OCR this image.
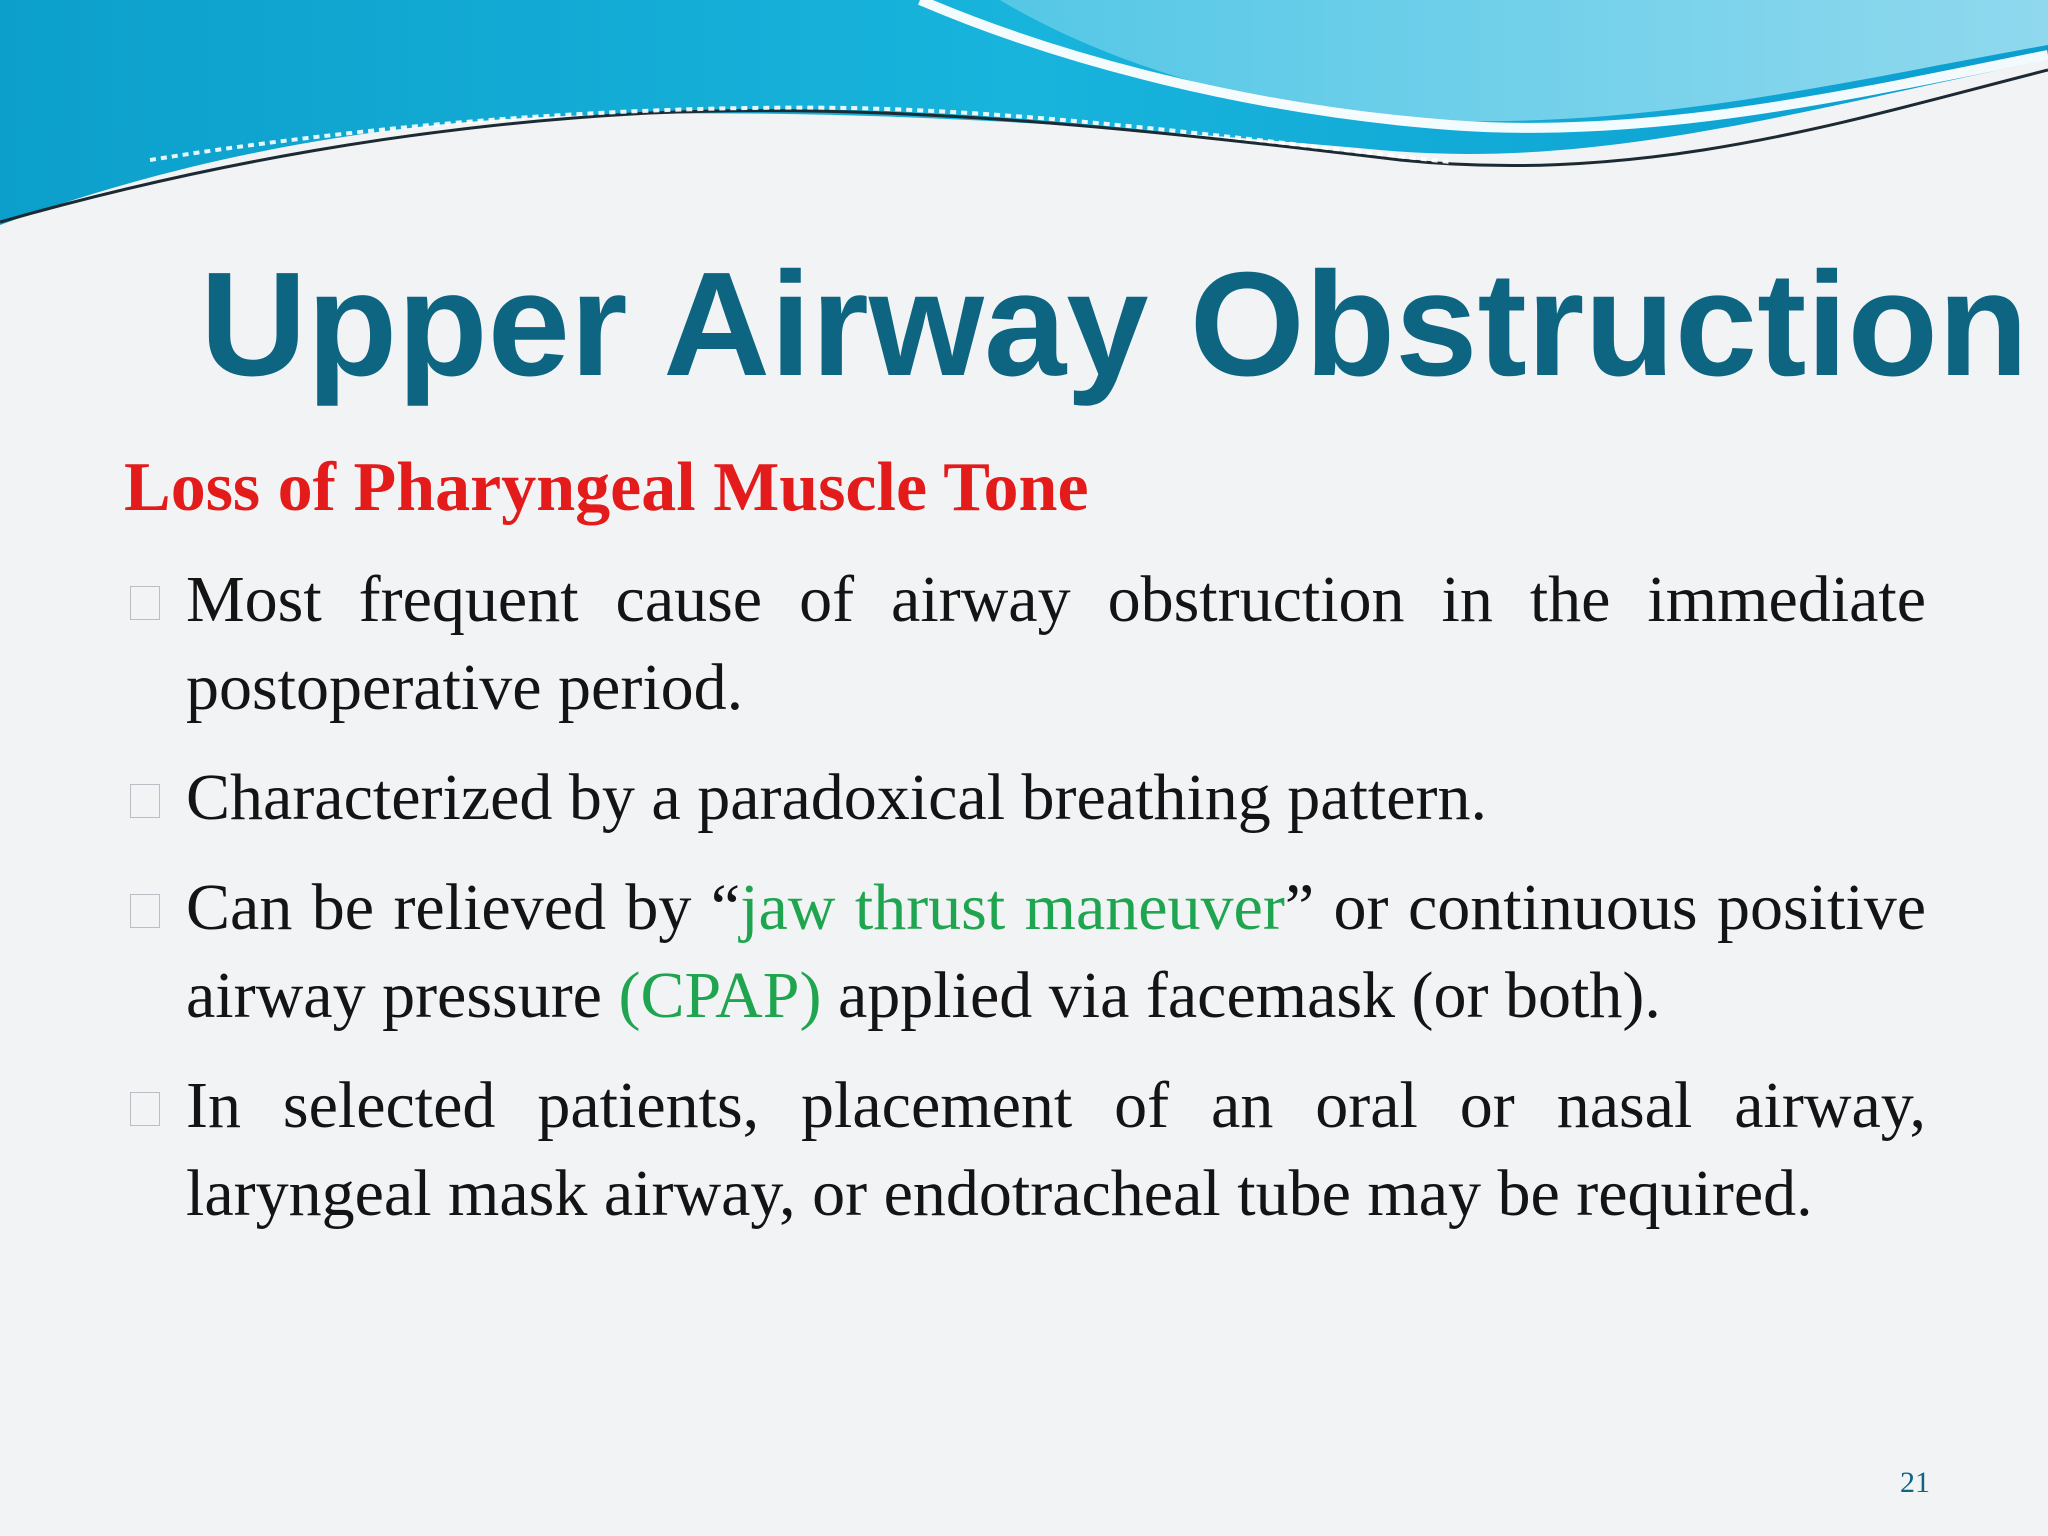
Upper Airway Obstruction
Loss of Pharyngeal Muscle Tone
Most frequent cause of airway obstruction in the immediate postoperative period.
Characterized by a paradoxical breathing pattern.
Can be relieved by “jaw thrust maneuver” or continuous positive airway pressure (CPAP) applied via facemask (or both).
In selected patients, placement of an oral or nasal airway, laryngeal mask airway, or endotracheal tube may be required.
21
